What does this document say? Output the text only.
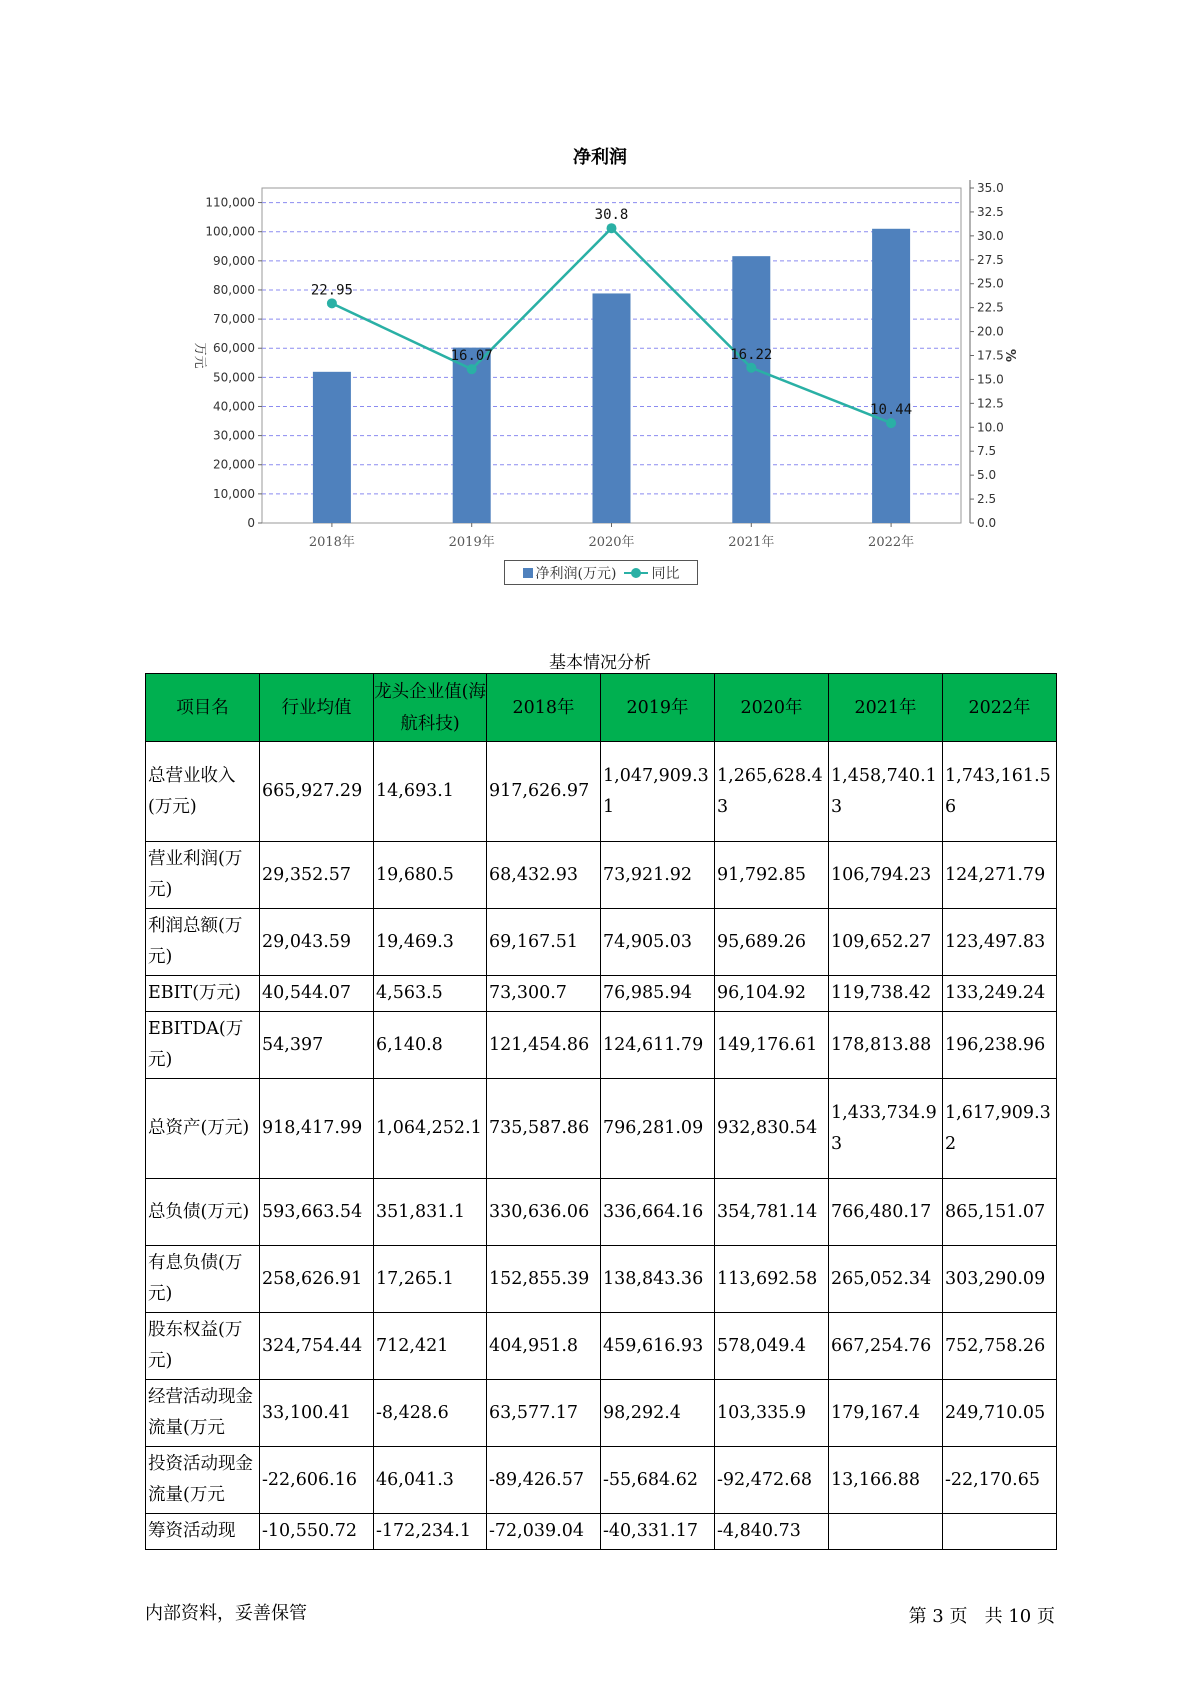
净利润
0
10,000
20,000
30,000
40,000
50,000
60,000
70,000
80,000
90,000
100,000
110,000
0.0
2.5
5.0
7.5
10.0
12.5
15.0
17.5
20.0
22.5
25.0
27.5
30.0
32.5
35.0
万元	%
2018年	2019年	2020年	2021年	2022年
22.95
16.07
30.8
16.22
10.44
净利润(万元)	同比
基本情况分析
项目名	行业均值	龙头企业值(海航科技)	2018年	2019年	2020年	2021年	2022年
总营业收入(万元)	665,927.29	14,693.1	917,626.97	1,047,909.31	1,265,628.43	1,458,740.13	1,743,161.56
营业利润(万元)	29,352.57	19,680.5	68,432.93	73,921.92	91,792.85	106,794.23	124,271.79
利润总额(万元)	29,043.59	19,469.3	69,167.51	74,905.03	95,689.26	109,652.27	123,497.83
EBIT(万元)	40,544.07	4,563.5	73,300.7	76,985.94	96,104.92	119,738.42	133,249.24
EBITDA(万元)	54,397	6,140.8	121,454.86	124,611.79	149,176.61	178,813.88	196,238.96
总资产(万元)	918,417.99	1,064,252.1	735,587.86	796,281.09	932,830.54	1,433,734.93	1,617,909.32
总负债(万元)	593,663.54	351,831.1	330,636.06	336,664.16	354,781.14	766,480.17	865,151.07
有息负债(万元)	258,626.91	17,265.1	152,855.39	138,843.36	113,692.58	265,052.34	303,290.09
股东权益(万元)	324,754.44	712,421	404,951.8	459,616.93	578,049.4	667,254.76	752,758.26
经营活动现金流量(万元	33,100.41	-8,428.6	63,577.17	98,292.4	103,335.9	179,167.4	249,710.05
投资活动现金流量(万元	-22,606.16	46,041.3	-89,426.57	-55,684.62	-92,472.68	13,166.88	-22,170.65
筹资活动现	-10,550.72	-172,234.1	-72,039.04	-40,331.17	-4,840.73		
内部资料，妥善保管	第 3 页   共 10 页
